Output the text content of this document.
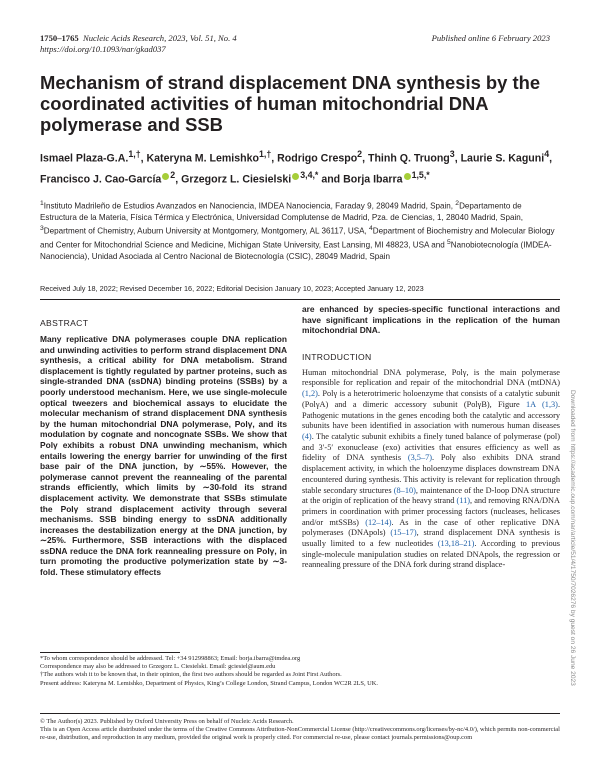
1750–1765 Nucleic Acids Research, 2023, Vol. 51, No. 4
https://doi.org/10.1093/nar/gkad037
Published online 6 February 2023
Mechanism of strand displacement DNA synthesis by the coordinated activities of human mitochondrial DNA polymerase and SSB
Ismael Plaza-G.A.$^{1,\dagger}$, Kateryna M. Lemishko$^{1,\dagger}$, Rodrigo Crespo$^2$, Thinh Q. Truong$^3$, Laurie S. Kaguni$^4$, Francisco J. Cao-García $^2$, Grzegorz L. Ciesielski $^{3,4,*}$ and Borja Ibarra $^{1,5,*}$
$^1$Instituto Madrileño de Estudios Avanzados en Nanociencia, IMDEA Nanociencia, Faraday 9, 28049 Madrid, Spain, $^2$Departamento de Estructura de la Materia, Física Térmica y Electrónica, Universidad Complutense de Madrid, Pza. de Ciencias, 1, 28040 Madrid, Spain, $^3$Department of Chemistry, Auburn University at Montgomery, Montgomery, AL 36117, USA, $^4$Department of Biochemistry and Molecular Biology and Center for Mitochondrial Science and Medicine, Michigan State University, East Lansing, MI 48823, USA and $^5$Nanobiotecnología (IMDEA-Nanociencia), Unidad Asociada al Centro Nacional de Biotecnología (CSIC), 28049 Madrid, Spain
Received July 18, 2022; Revised December 16, 2022; Editorial Decision January 10, 2023; Accepted January 12, 2023
ABSTRACT
Many replicative DNA polymerases couple DNA replication and unwinding activities to perform strand displacement DNA synthesis, a critical ability for DNA metabolism. Strand displacement is tightly regulated by partner proteins, such as single-stranded DNA (ssDNA) binding proteins (SSBs) by a poorly understood mechanism. Here, we use single-molecule optical tweezers and biochemical assays to elucidate the molecular mechanism of strand displacement DNA synthesis by the human mitochondrial DNA polymerase, Polγ, and its modulation by cognate and noncognate SSBs. We show that Polγ exhibits a robust DNA unwinding mechanism, which entails lowering the energy barrier for unwinding of the first base pair of the DNA junction, by ∼55%. However, the polymerase cannot prevent the reannealing of the parental strands efficiently, which limits by ∼30-fold its strand displacement activity. We demonstrate that SSBs stimulate the Polγ strand displacement activity through several mechanisms. SSB binding energy to ssDNA additionally increases the destabilization energy at the DNA junction, by ∼25%. Furthermore, SSB interactions with the displaced ssDNA reduce the DNA fork reannealing pressure on Polγ, in turn promoting the productive polymerization state by ∼3-fold. These stimulatory effects
are enhanced by species-specific functional interactions and have significant implications in the replication of the human mitochondrial DNA.
INTRODUCTION
Human mitochondrial DNA polymerase, Polγ, is the main polymerase responsible for replication and repair of the mitochondrial DNA (mtDNA) (1,2). Polγ is a heterotrimeric holoenzyme that consists of a catalytic subunit (PolγA) and a dimeric accessory subunit (PolγB), Figure 1A (1,3). Pathogenic mutations in the genes encoding both the catalytic and accessory subunits have been identified in association with numerous human diseases (4). The catalytic subunit exhibits a finely tuned balance of polymerase (pol) and 3′-5′ exonuclease (exo) activities that ensures efficiency as well as fidelity of DNA synthesis (3,5–7). Polγ also exhibits DNA strand displacement activity, in which the holoenzyme displaces downstream DNA encountered during synthesis. This activity is relevant for replication through stable secondary structures (8–10), maintenance of the D-loop DNA structure at the origin of replication of the heavy strand (11), and removing RNA/DNA primers in coordination with primer processing factors (nucleases, helicases and/or mtSSBs) (12–14). As in the case of other replicative DNA polymerases (DNApols) (15–17), strand displacement DNA synthesis is usually limited to a few nucleotides (13,18–21). According to previous single-molecule manipulation studies on related DNApols, the regression or reannealing pressure of the DNA fork during strand displace-

*To whom correspondence should be addressed. Tel: +34 912998863; Email: borja.ibarra@imdea.org

Correspondence may also be addressed to Grzegorz L. Ciesielski. Email: gciesiel@aum.edu

†The authors wish it to be known that, in their opinion, the first two authors should be regarded as Joint First Authors.

Present address: Kateryna M. Lemishko, Department of Physics, King’s College London, Strand Campus, London WC2R 2LS, UK.

© The Author(s) 2023. Published by Oxford University Press on behalf of Nucleic Acids Research.

This is an Open Access article distributed under the terms of the Creative Commons Attribution-NonCommercial License (http://creativecommons.org/licenses/by-nc/4.0/), which permits non-commercial re-use, distribution, and reproduction in any medium, provided the original work is properly cited. For commercial re-use, please contact journals.permissions@oup.com

Downloaded from https://academic.oup.com/nar/article/51/4/1750/7026276 by guest on 26 June 2023
